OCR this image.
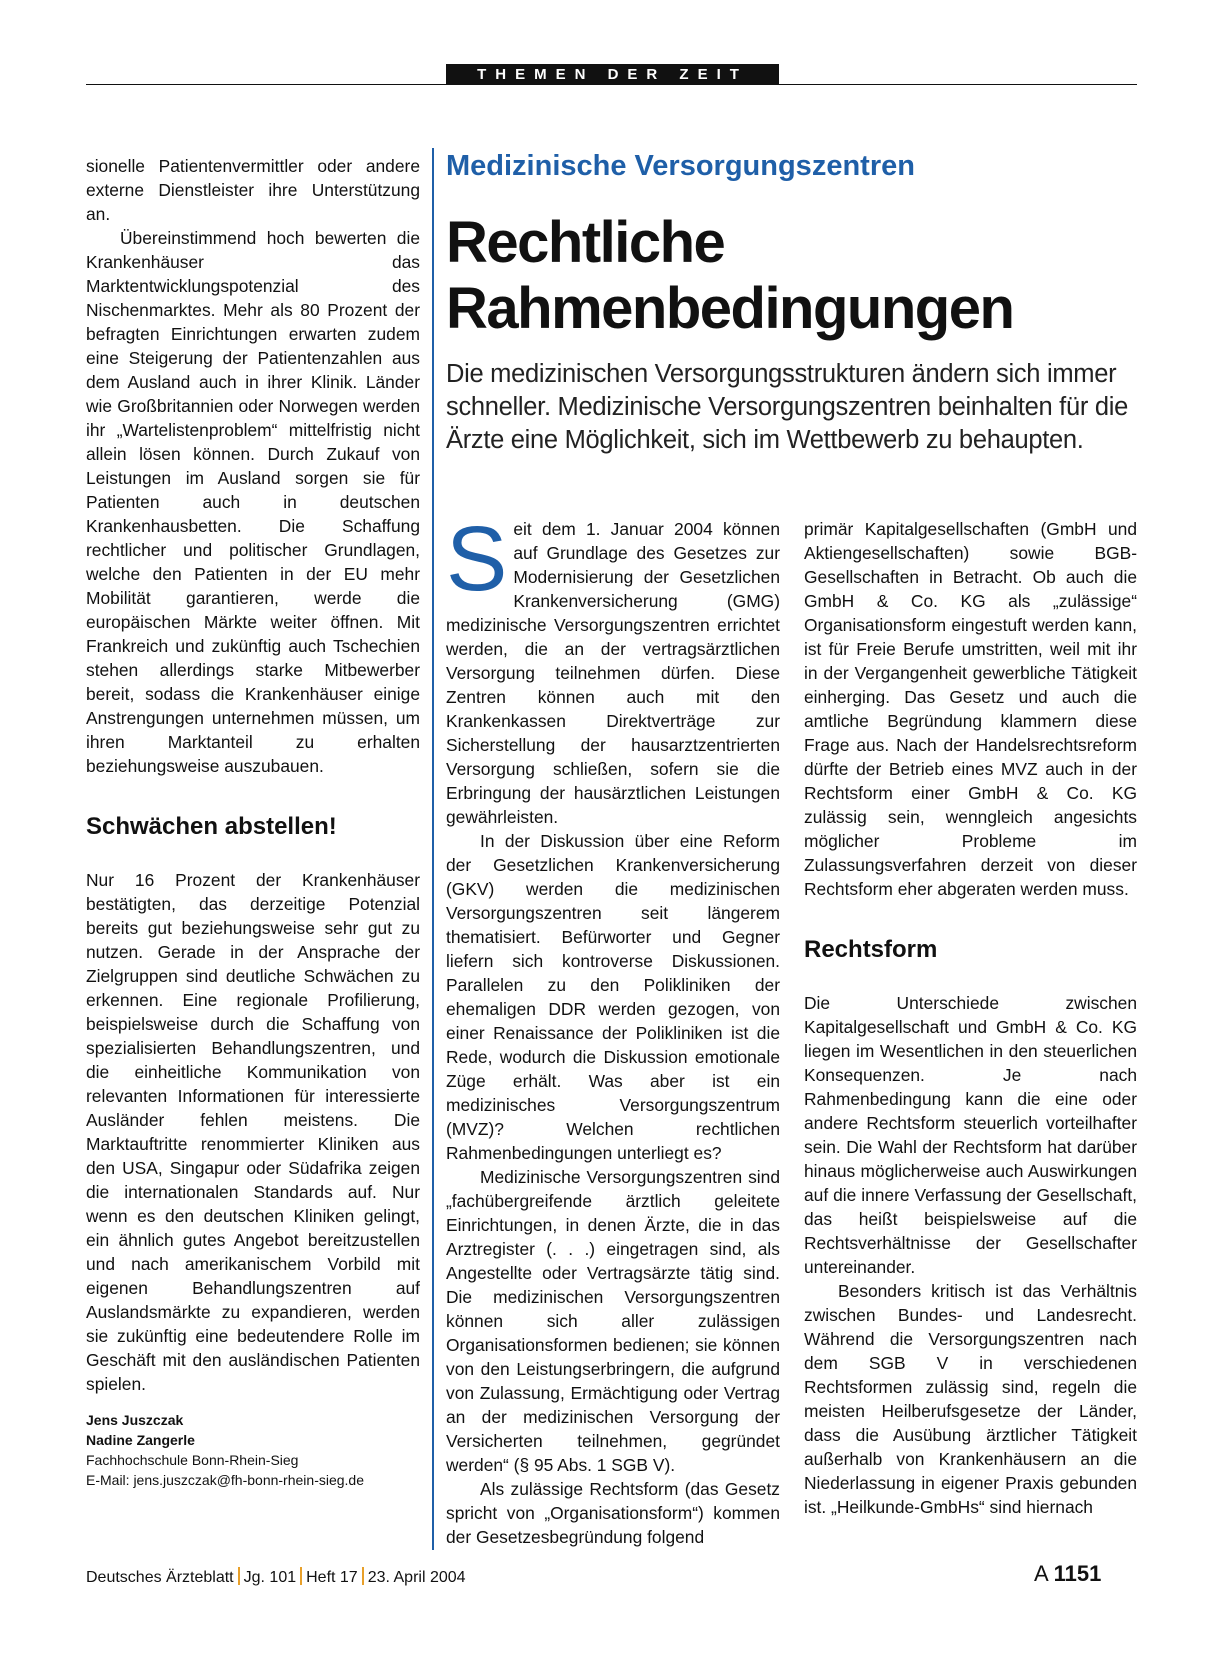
THEMEN DER ZEIT

sionelle Patientenvermittler oder andere externe Dienstleister ihre Unterstützung an.

Übereinstimmend hoch bewerten die Krankenhäuser das Marktentwicklungspotenzial des Nischenmarktes. Mehr als 80 Prozent der befragten Einrichtungen erwarten zudem eine Steigerung der Patientenzahlen aus dem Ausland auch in ihrer Klinik. Länder wie Großbritannien oder Norwegen werden ihr „Wartelistenproblem“ mittelfristig nicht allein lösen können. Durch Zukauf von Leistungen im Ausland sorgen sie für Patienten auch in deutschen Krankenhausbetten. Die Schaffung rechtlicher und politischer Grundlagen, welche den Patienten in der EU mehr Mobilität garantieren, werde die europäischen Märkte weiter öffnen. Mit Frankreich und zukünftig auch Tschechien stehen allerdings starke Mitbewerber bereit, sodass die Krankenhäuser einige Anstrengungen unternehmen müssen, um ihren Marktanteil zu erhalten beziehungsweise auszubauen.

Schwächen abstellen!

Nur 16 Prozent der Krankenhäuser bestätigten, das derzeitige Potenzial bereits gut beziehungsweise sehr gut zu nutzen. Gerade in der Ansprache der Zielgruppen sind deutliche Schwächen zu erkennen. Eine regionale Profilierung, beispielsweise durch die Schaffung von spezialisierten Behandlungszentren, und die einheitliche Kommunikation von relevanten Informationen für interessierte Ausländer fehlen meistens. Die Marktauftritte renommierter Kliniken aus den USA, Singapur oder Südafrika zeigen die internationalen Standards auf. Nur wenn es den deutschen Kliniken gelingt, ein ähnlich gutes Angebot bereitzustellen und nach amerikanischem Vorbild mit eigenen Behandlungszentren auf Auslandsmärkte zu expandieren, werden sie zukünftig eine bedeutendere Rolle im Geschäft mit den ausländischen Patienten spielen.

Jens Juszczak
Nadine Zangerle
Fachhochschule Bonn-Rhein-Sieg
E-Mail: jens.juszczak@fh-bonn-rhein-sieg.de
Medizinische Versorgungszentren
Rechtliche
Rahmenbedingungen
Die medizinischen Versorgungsstrukturen ändern sich immer schneller. Medizinische Versorgungszentren beinhalten für die Ärzte eine Möglichkeit, sich im Wettbewerb zu behaupten.

Seit dem 1. Januar 2004 können auf Grundlage des Gesetzes zur Modernisierung der Gesetzlichen Krankenversicherung (GMG) medizinische Versorgungszentren errichtet werden, die an der vertragsärztlichen Versorgung teilnehmen dürfen. Diese Zentren können auch mit den Krankenkassen Direktverträge zur Sicherstellung der hausarztzentrierten Versorgung schließen, sofern sie die Erbringung der hausärztlichen Leistungen gewährleisten.

In der Diskussion über eine Reform der Gesetzlichen Krankenversicherung (GKV) werden die medizinischen Versorgungszentren seit längerem thematisiert. Befürworter und Gegner liefern sich kontroverse Diskussionen. Parallelen zu den Polikliniken der ehemaligen DDR werden gezogen, von einer Renaissance der Polikliniken ist die Rede, wodurch die Diskussion emotionale Züge erhält. Was aber ist ein medizinisches Versorgungszentrum (MVZ)? Welchen rechtlichen Rahmenbedingungen unterliegt es?

Medizinische Versorgungszentren sind „fachübergreifende ärztlich geleitete Einrichtungen, in denen Ärzte, die in das Arztregister (. . .) eingetragen sind, als Angestellte oder Vertragsärzte tätig sind. Die medizinischen Versorgungszentren können sich aller zulässigen Organisationsformen bedienen; sie können von den Leistungserbringern, die aufgrund von Zulassung, Ermächtigung oder Vertrag an der medizinischen Versorgung der Versicherten teilnehmen, gegründet werden“ (§ 95 Abs. 1 SGB V).

Als zulässige Rechtsform (das Gesetz spricht von „Organisationsform“) kommen der Gesetzesbegründung folgend

primär Kapitalgesellschaften (GmbH und Aktiengesellschaften) sowie BGB-Gesellschaften in Betracht. Ob auch die GmbH & Co. KG als „zulässige“ Organisationsform eingestuft werden kann, ist für Freie Berufe umstritten, weil mit ihr in der Vergangenheit gewerbliche Tätigkeit einherging. Das Gesetz und auch die amtliche Begründung klammern diese Frage aus. Nach der Handelsrechtsreform dürfte der Betrieb eines MVZ auch in der Rechtsform einer GmbH & Co. KG zulässig sein, wenngleich angesichts möglicher Probleme im Zulassungsverfahren derzeit von dieser Rechtsform eher abgeraten werden muss.

Rechtsform

Die Unterschiede zwischen Kapitalgesellschaft und GmbH & Co. KG liegen im Wesentlichen in den steuerlichen Konsequenzen. Je nach Rahmenbedingung kann die eine oder andere Rechtsform steuerlich vorteilhafter sein. Die Wahl der Rechtsform hat darüber hinaus möglicherweise auch Auswirkungen auf die innere Verfassung der Gesellschaft, das heißt beispielsweise auf die Rechtsverhältnisse der Gesellschafter untereinander.

Besonders kritisch ist das Verhältnis zwischen Bundes- und Landesrecht. Während die Versorgungszentren nach dem SGB V in verschiedenen Rechtsformen zulässig sind, regeln die meisten Heilberufsgesetze der Länder, dass die Ausübung ärztlicher Tätigkeit außerhalb von Krankenhäusern an die Niederlassung in eigener Praxis gebunden ist. „Heilkunde-GmbHs“ sind hiernach

Deutsches Ärzteblatt Jg. 101 Heft 17 23. April 2004	A 1151
